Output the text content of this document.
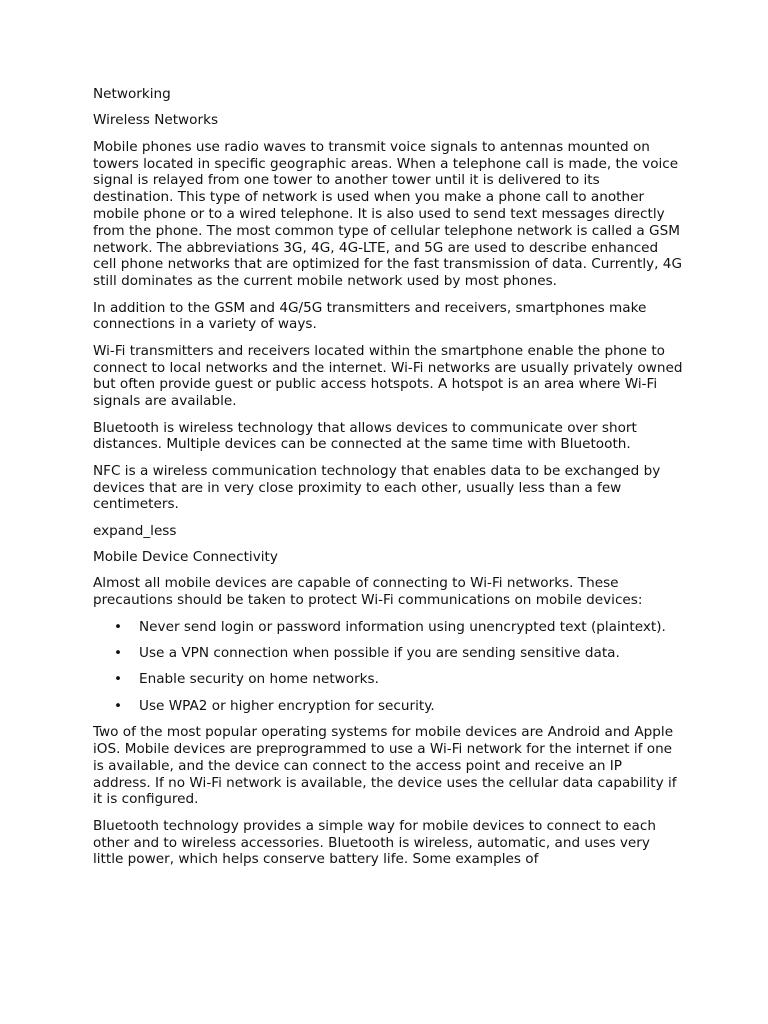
Networking

Wireless Networks

Mobile phones use radio waves to transmit voice signals to antennas mounted on towers located in specific geographic areas. When a telephone call is made, the voice signal is relayed from one tower to another tower until it is delivered to its destination. This type of network is used when you make a phone call to another mobile phone or to a wired telephone. It is also used to send text messages directly from the phone. The most common type of cellular telephone network is called a GSM network. The abbreviations 3G, 4G, 4G-LTE, and 5G are used to describe enhanced cell phone networks that are optimized for the fast transmission of data. Currently, 4G still dominates as the current mobile network used by most phones.

In addition to the GSM and 4G/5G transmitters and receivers, smartphones make connections in a variety of ways.

Wi-Fi transmitters and receivers located within the smartphone enable the phone to connect to local networks and the internet. Wi-Fi networks are usually privately owned but often provide guest or public access hotspots. A hotspot is an area where Wi-Fi signals are available.

Bluetooth is wireless technology that allows devices to communicate over short distances. Multiple devices can be connected at the same time with Bluetooth.

NFC is a wireless communication technology that enables data to be exchanged by devices that are in very close proximity to each other, usually less than a few centimeters.

expand_less

Mobile Device Connectivity

Almost all mobile devices are capable of connecting to Wi-Fi networks. These precautions should be taken to protect Wi-Fi communications on mobile devices:

• Never send login or password information using unencrypted text (plaintext).
• Use a VPN connection when possible if you are sending sensitive data.
• Enable security on home networks.
• Use WPA2 or higher encryption for security.

Two of the most popular operating systems for mobile devices are Android and Apple iOS. Mobile devices are preprogrammed to use a Wi-Fi network for the internet if one is available, and the device can connect to the access point and receive an IP address. If no Wi-Fi network is available, the device uses the cellular data capability if it is configured.

Bluetooth technology provides a simple way for mobile devices to connect to each other and to wireless accessories. Bluetooth is wireless, automatic, and uses very little power, which helps conserve battery life. Some examples of
